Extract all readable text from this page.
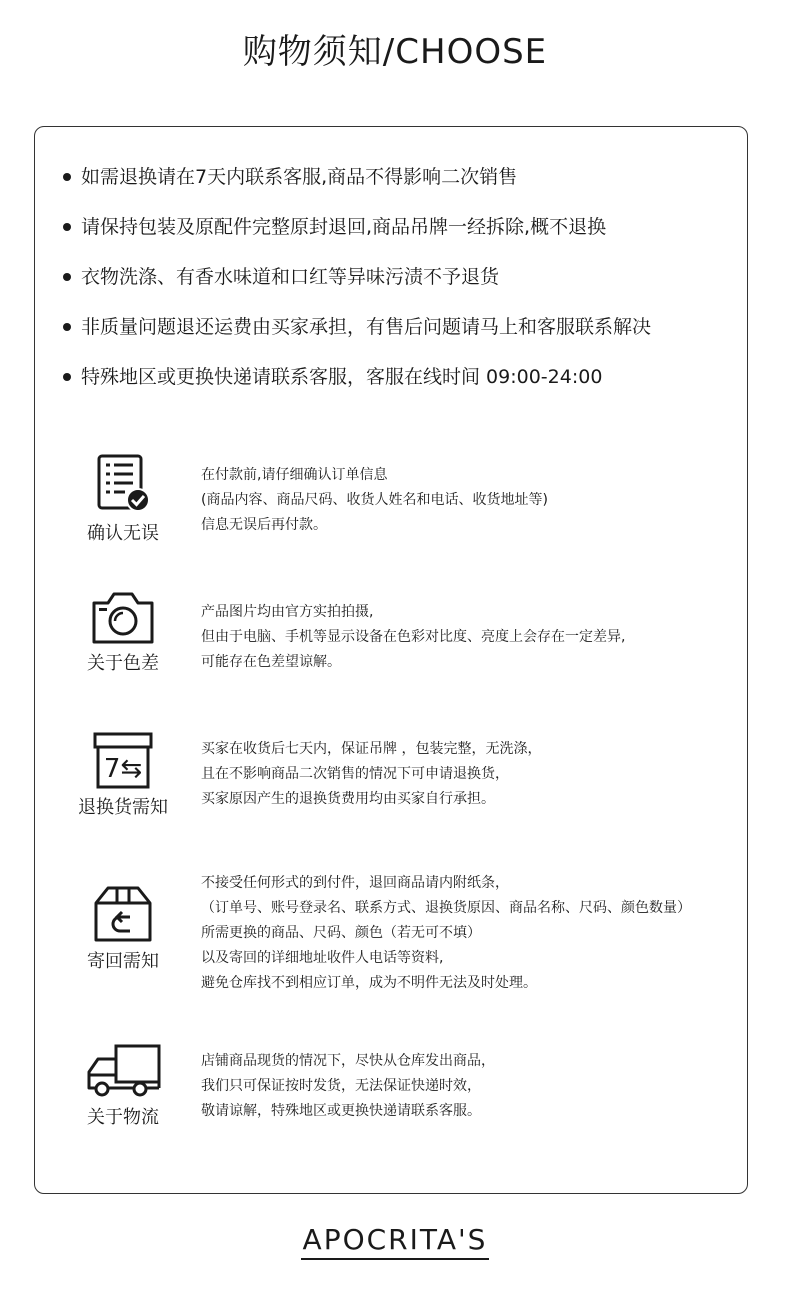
购物须知/CHOOSE
如需退换请在7天内联系客服,商品不得影响二次销售
请保持包装及原配件完整原封退回,商品吊牌一经拆除,概不退换
衣物洗涤、有香水味道和口红等异味污渍不予退货
非质量问题退还运费由买家承担，有售后问题请马上和客服联系解决
特殊地区或更换快递请联系客服，客服在线时间 09:00-24:00
确认无误
在付款前,请仔细确认订单信息
(商品内容、商品尺码、收货人姓名和电话、收货地址等)
信息无误后再付款。
关于色差
产品图片均由官方实拍拍摄,
但由于电脑、手机等显示设备在色彩对比度、亮度上会存在一定差异,
可能存在色差望谅解。
7⇆
退换货需知
买家在收货后七天内，保证吊牌 ，包装完整，无洗涤，
且在不影响商品二次销售的情况下可申请退换货，
买家原因产生的退换货费用均由买家自行承担。
寄回需知
不接受任何形式的到付件，退回商品请内附纸条，
（订单号、账号登录名、联系方式、退换货原因、商品名称、尺码、颜色数量）
所需更换的商品、尺码、颜色（若无可不填）
以及寄回的详细地址收件人电话等资料,
避免仓库找不到相应订单，成为不明件无法及时处理。
关于物流
店铺商品现货的情况下，尽快从仓库发出商品，
我们只可保证按时发货，无法保证快递时效，
敬请谅解，特殊地区或更换快递请联系客服。
APOCRITA'S
